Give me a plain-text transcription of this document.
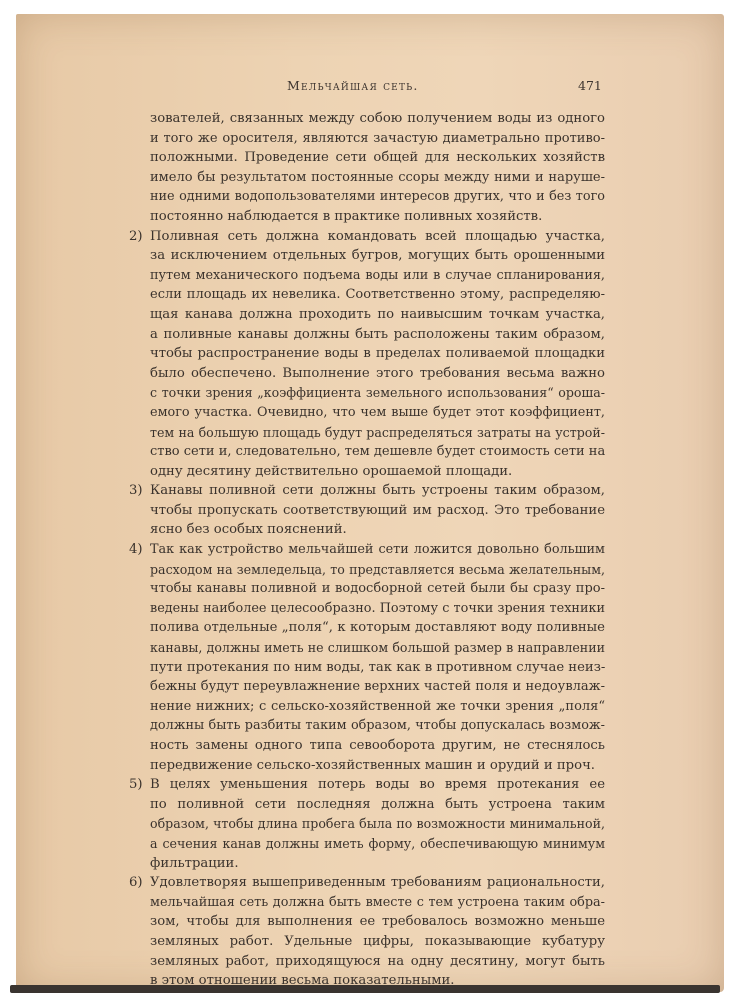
Мельчайшая сеть.	471
зователей, связанных между собою получением воды из одного
и того же оросителя, являются зачастую диаметрально противо-
положными. Проведение сети общей для нескольких хозяйств
имело бы результатом постоянные ссоры между ними и наруше-
ние одними водопользователями интересов других, что и без того
постоянно наблюдается в практике поливных хозяйств.
2) Поливная сеть должна командовать всей площадью участка,
за исключением отдельных бугров, могущих быть орошенными
путем механического подъема воды или в случае спланирования,
если площадь их невелика. Соответственно этому, распределяю-
щая канава должна проходить по наивысшим точкам участка,
а поливные канавы должны быть расположены таким образом,
чтобы распространение воды в пределах поливаемой площадки
было обеспечено. Выполнение этого требования весьма важно
с точки зрения „коэффициента земельного использования“ ороша-
емого участка. Очевидно, что чем выше будет этот коэффициент,
тем на большую площадь будут распределяться затраты на устрой-
ство сети и, следовательно, тем дешевле будет стоимость сети на
одну десятину действительно орошаемой площади.
3) Канавы поливной сети должны быть устроены таким образом,
чтобы пропускать соответствующий им расход. Это требование
ясно без особых пояснений.
4) Так как устройство мельчайшей сети ложится довольно большим
расходом на земледельца, то представляется весьма желательным,
чтобы канавы поливной и водосборной сетей были бы сразу про-
ведены наиболее целесообразно. Поэтому с точки зрения техники
полива отдельные „поля“, к которым доставляют воду поливные
канавы, должны иметь не слишком большой размер в направлении
пути протекания по ним воды, так как в противном случае неиз-
бежны будут переувлажнение верхних частей поля и недоувлаж-
нение нижних; с сельско-хозяйственной же точки зрения „поля“
должны быть разбиты таким образом, чтобы допускалась возмож-
ность замены одного типа севооборота другим, не стеснялось
передвижение сельско-хозяйственных машин и орудий и проч.
5) В целях уменьшения потерь воды во время протекания ее
по поливной сети последняя должна быть устроена таким
образом, чтобы длина пробега была по возможности минимальной,
а сечения канав должны иметь форму, обеспечивающую минимум
фильтрации.
6) Удовлетворяя вышеприведенным требованиям рациональности,
мельчайшая сеть должна быть вместе с тем устроена таким обра-
зом, чтобы для выполнения ее требовалось возможно меньше
земляных работ. Удельные цифры, показывающие кубатуру
земляных работ, приходящуюся на одну десятину, могут быть
в этом отношении весьма показательными.
